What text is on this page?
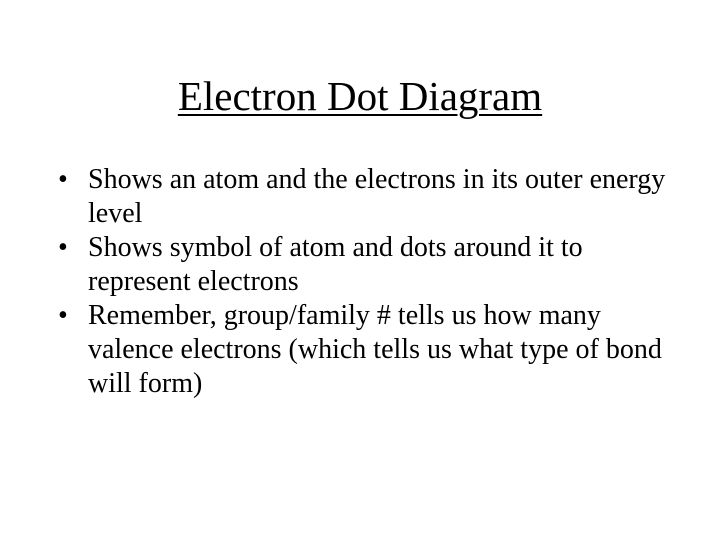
Electron Dot Diagram
• Shows an atom and the electrons in its outer energy level
• Shows symbol of atom and dots around it to represent electrons
• Remember, group/family # tells us how many valence electrons (which tells us what type of bond will form)
